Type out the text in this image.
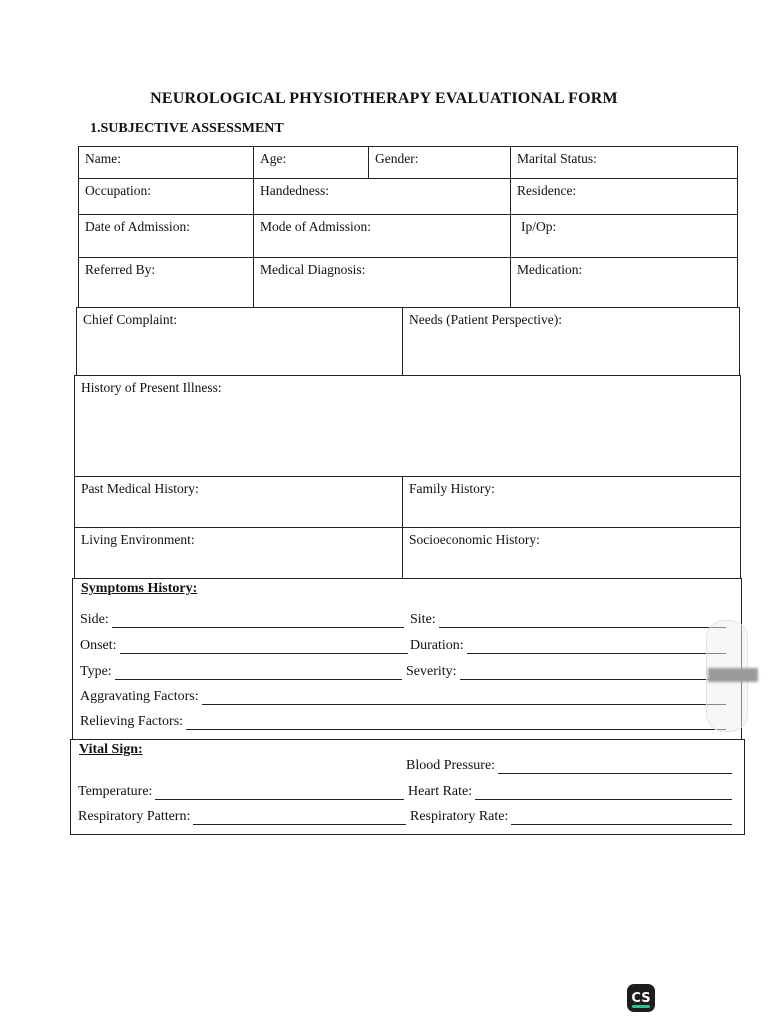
NEUROLOGICAL PHYSIOTHERAPY EVALUATIONAL FORM
1.SUBJECTIVE ASSESSMENT
Name:	Age:	Gender:	Marital Status:
Occupation:	Handedness:	Residence:
Date of Admission:	Mode of Admission:	Ip/Op:
Referred By:	Medical Diagnosis:	Medication:
Chief Complaint:	Needs (Patient Perspective):
History of Present Illness:
Past Medical History:	Family History:
Living Environment:	Socioeconomic History:
Symptoms History:
Side:	Site:
Onset:	Duration:
Type:	Severity:
Aggravating Factors:
Relieving Factors:
Vital Sign:
Blood Pressure:
Temperature:	Heart Rate:
Respiratory Pattern:	Respiratory Rate:
CS
